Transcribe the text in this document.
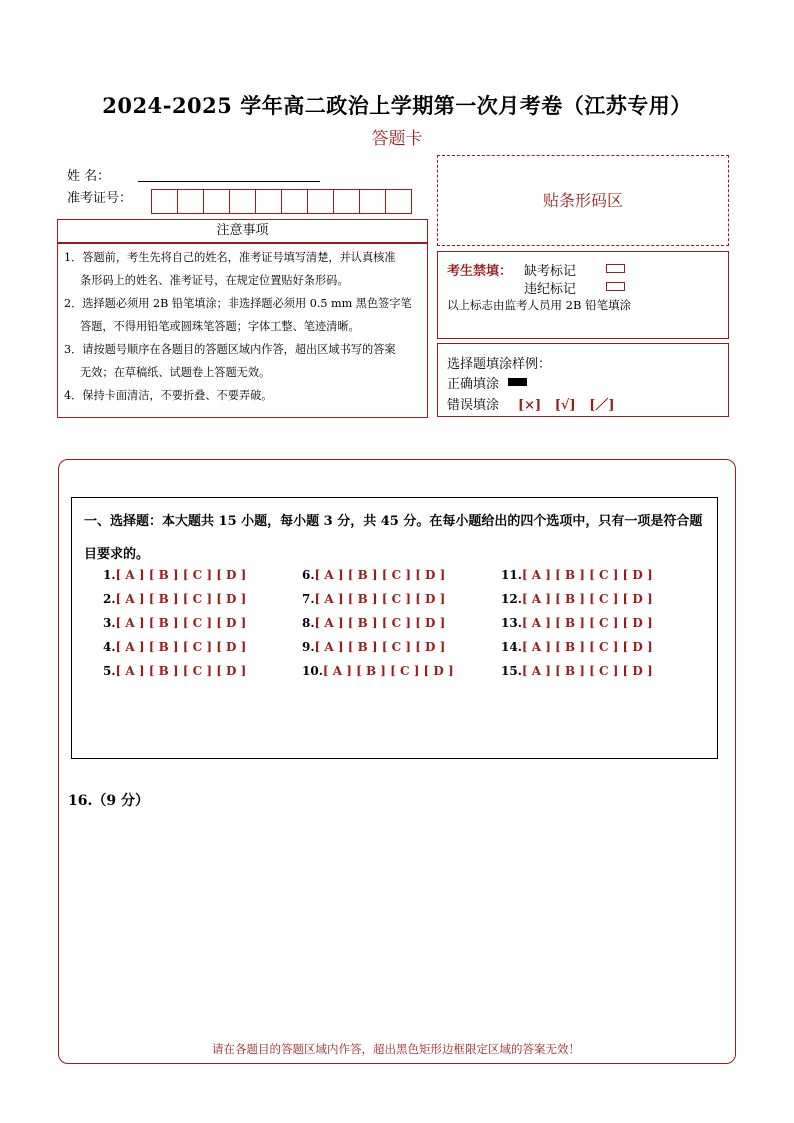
2024-2025 学年高二政治上学期第一次月考卷（江苏专用）
答题卡
姓 名：
准考证号：
注意事项
1．答题前，考生先将自己的姓名，准考证号填写清楚，并认真核准
条形码上的姓名、准考证号，在规定位置贴好条形码。
2．选择题必须用 2B 铅笔填涂；非选择题必须用 0.5 mm 黑色签字笔
答题，不得用铅笔或圆珠笔答题；字体工整、笔迹清晰。
3．请按题号顺序在各题目的答题区域内作答，超出区域书写的答案
无效；在草稿纸、试题卷上答题无效。
4．保持卡面清洁，不要折叠、不要弄破。
贴条形码区
考生禁填： 缺考标记
违纪标记
以上标志由监考人员用 2B 铅笔填涂
选择题填涂样例：
正确填涂
错误填涂 [×]   [√]   [／]
一、选择题：本大题共 15 小题，每小题 3 分，共 45 分。在每小题给出的四个选项中，只有一项是符合题目要求的。
1.[ A ] [ B ] [ C ] [ D ]
2.[ A ] [ B ] [ C ] [ D ]
3.[ A ] [ B ] [ C ] [ D ]
4.[ A ] [ B ] [ C ] [ D ]
5.[ A ] [ B ] [ C ] [ D ]
6.[ A ] [ B ] [ C ] [ D ]
7.[ A ] [ B ] [ C ] [ D ]
8.[ A ] [ B ] [ C ] [ D ]
9.[ A ] [ B ] [ C ] [ D ]
10.[ A ] [ B ] [ C ] [ D ]
11.[ A ] [ B ] [ C ] [ D ]
12.[ A ] [ B ] [ C ] [ D ]
13.[ A ] [ B ] [ C ] [ D ]
14.[ A ] [ B ] [ C ] [ D ]
15.[ A ] [ B ] [ C ] [ D ]
16.（9 分）
请在各题目的答题区域内作答，超出黑色矩形边框限定区域的答案无效！
